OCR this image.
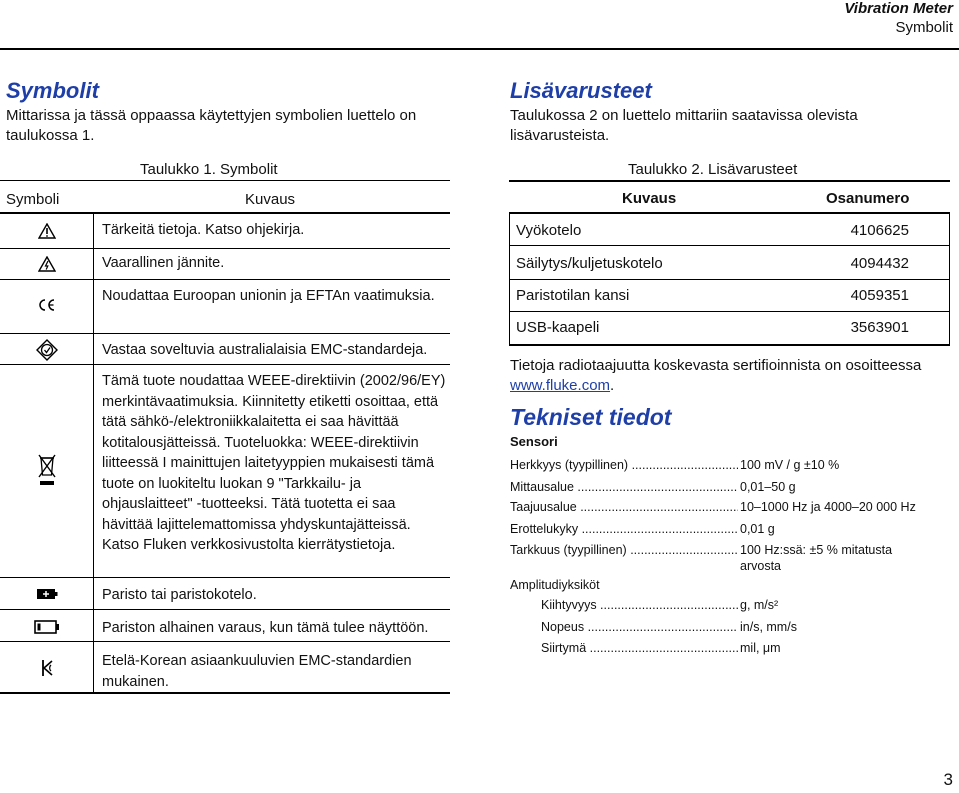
Vibration Meter
Symbolit
Symbolit
Mittarissa ja tässä oppaassa käytettyjen symbolien luettelo on taulukossa 1.
Taulukko 1. Symbolit
Symboli	Kuvaus
Tärkeitä tietoja. Katso ohjekirja.
Vaarallinen jännite.
Noudattaa Euroopan unionin ja EFTAn vaatimuksia.
Vastaa soveltuvia australialaisia EMC-standardeja.
Tämä tuote noudattaa WEEE-direktiivin (2002/96/EY) merkintävaatimuksia. Kiinnitetty etiketti osoittaa, että tätä sähkö-/elektroniikkalaitetta ei saa hävittää kotitalousjätteissä. Tuoteluokka: WEEE-direktiivin liitteessä I mainittujen laitetyyppien mukaisesti tämä tuote on luokiteltu luokan 9 "Tarkkailu- ja ohjauslaitteet" -tuotteeksi. Tätä tuotetta ei saa hävittää lajittelemattomissa yhdyskuntajätteissä. Katso Fluken verkkosivustolta kierrätystietoja.
Paristo tai paristokotelo.
Pariston alhainen varaus, kun tämä tulee näyttöön.
Etelä-Korean asiaankuuluvien EMC-standardien mukainen.
Lisävarusteet
Taulukossa 2 on luettelo mittariin saatavissa olevista lisävarusteista.
Taulukko 2. Lisävarusteet
Kuvaus	Osanumero
Vyökotelo	4106625
Säilytys/kuljetuskotelo	4094432
Paristotilan kansi	4059351
USB-kaapeli	3563901
Tietoja radiotaajuutta koskevasta sertifioinnista on osoitteessa www.fluke.com.
Tekniset tiedot
Sensori
Herkkyys (tyypillinen) .....	100 mV / g ±10 %
Mittausalue .....	0,01–50 g
Taajuusalue .....	10–1000 Hz ja 4000–20 000 Hz
Erottelukyky .....	0,01 g
Tarkkuus (tyypillinen) .....	100 Hz:ssä: ±5 % mitatusta
arvosta
Amplitudiyksiköt
Kiihtyvyys .....	g, m/s²
Nopeus .....	in/s, mm/s
Siirtymä .....	mil, μm
3
